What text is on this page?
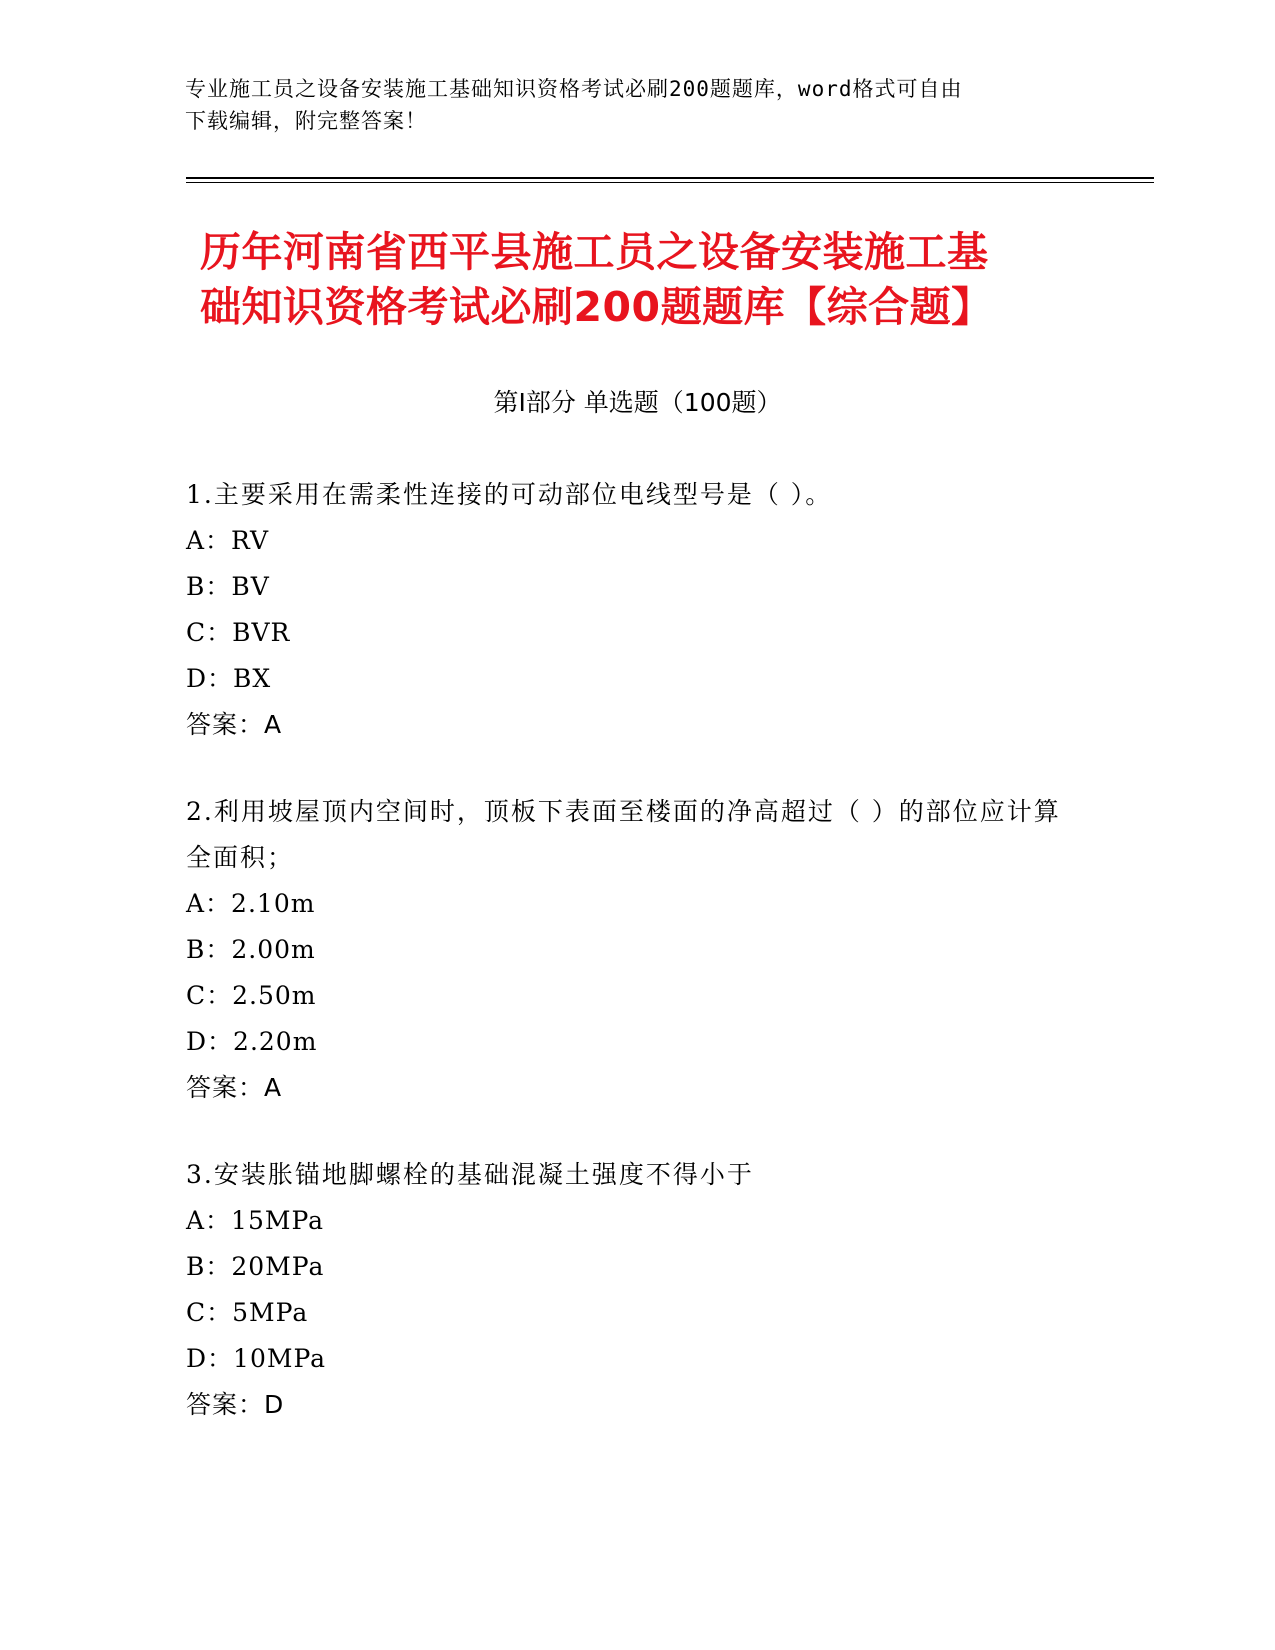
专业施工员之设备安装施工基础知识资格考试必刷200题题库，word格式可自由
下载编辑，附完整答案！
历年河南省西平县施工员之设备安装施工基
础知识资格考试必刷200题题库【综合题】
第Ⅰ部分 单选题（100题）
1.主要采用在需柔性连接的可动部位电线型号是（ ）。
A：RV
B：BV
C：BVR
D：BX
答案：A
2.利用坡屋顶内空间时，顶板下表面至楼面的净高超过（ ）的部位应计算全面积；
A：2.10m
B：2.00m
C：2.50m
D：2.20m
答案：A
3.安装胀锚地脚螺栓的基础混凝土强度不得小于
A：15MPa
B：20MPa
C：5MPa
D：10MPa
答案：D
